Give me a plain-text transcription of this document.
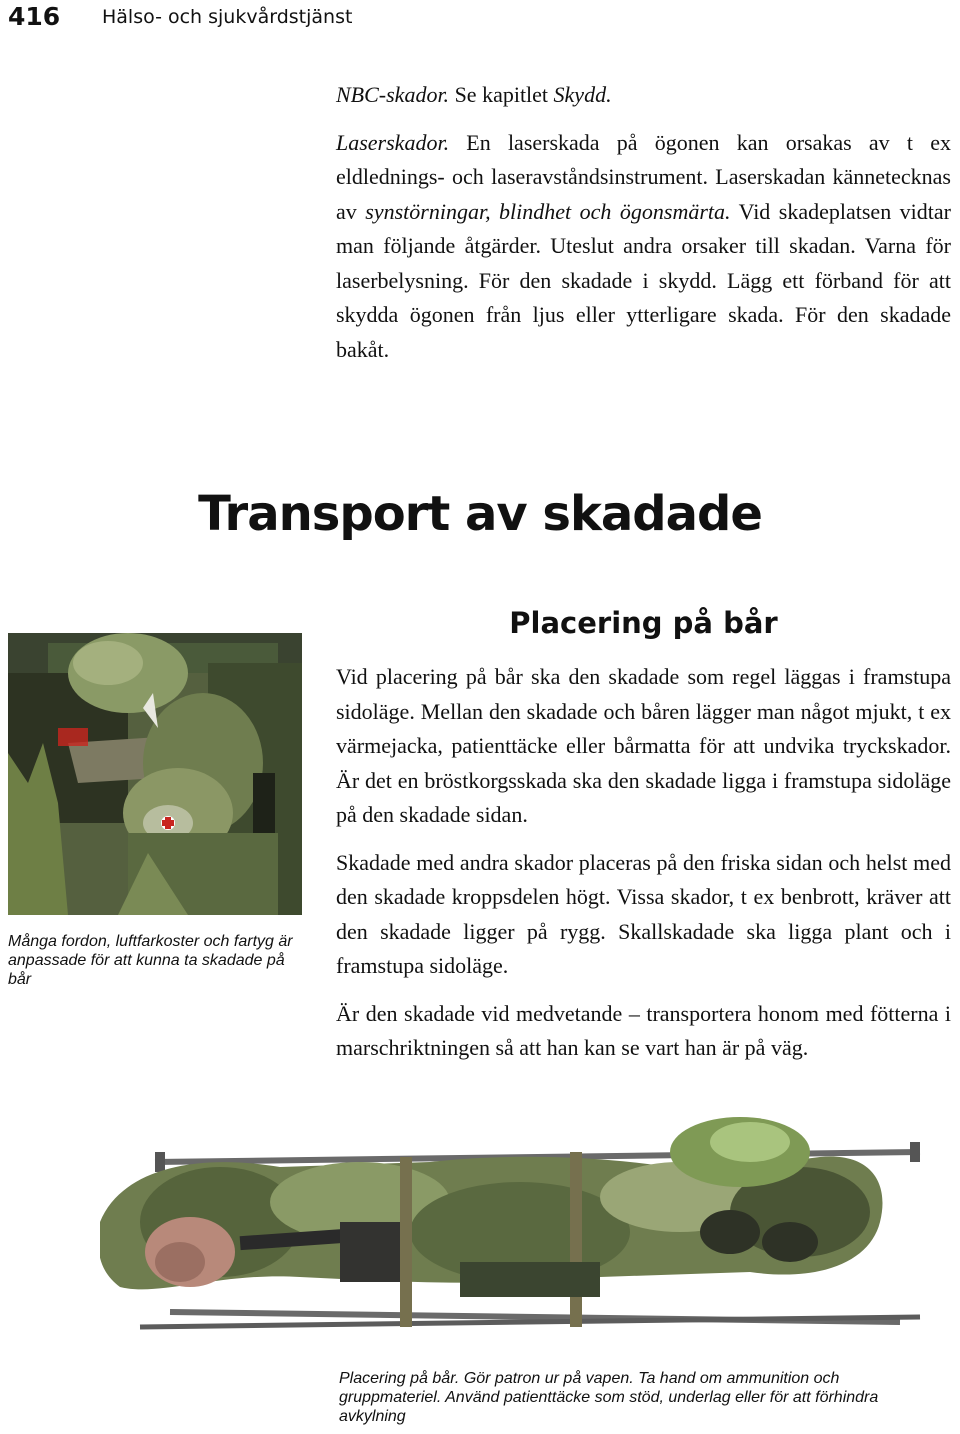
416 Hälso- och sjukvårdstjänst

NBC-skador. Se kapitlet Skydd.

Laserskador. En laserskada på ögonen kan orsakas av t ex eldlednings- och laseravståndsinstrument. Laserskadan kännetecknas av synstörningar, blindhet och ögonsmärta. Vid skadeplatsen vidtar man följande åtgärder. Uteslut andra orsaker till skadan. Varna för laserbelysning. För den skadade i skydd. Lägg ett förband för att skydda ögonen från ljus eller ytterligare skada. För den skadade bakåt.

Transport av skadade
Placering på bår

Vid placering på bår ska den skadade som regel läggas i framstupa sidoläge. Mellan den skadade och båren lägger man något mjukt, t ex värmejacka, patienttäcke eller bårmatta för att undvika tryckskador. Är det en bröstkorgsskada ska den skadade ligga i framstupa sidoläge på den skadade sidan.

Skadade med andra skador placeras på den friska sidan och helst med den skadade kroppsdelen högt. Vissa skador, t ex benbrott, kräver att den skadade ligger på rygg. Skallskadade ska ligga plant och i framstupa sidoläge.

Är den skadade vid medvetande – transportera honom med fötterna i marschriktningen så att han kan se vart han är på väg.

Många fordon, luftfarkoster och fartyg är anpassade för att kunna ta skadade på bår
Placering på bår. Gör patron ur på vapen. Ta hand om ammunition och gruppmateriel. Använd patienttäcke som stöd, underlag eller för att förhindra avkylning
